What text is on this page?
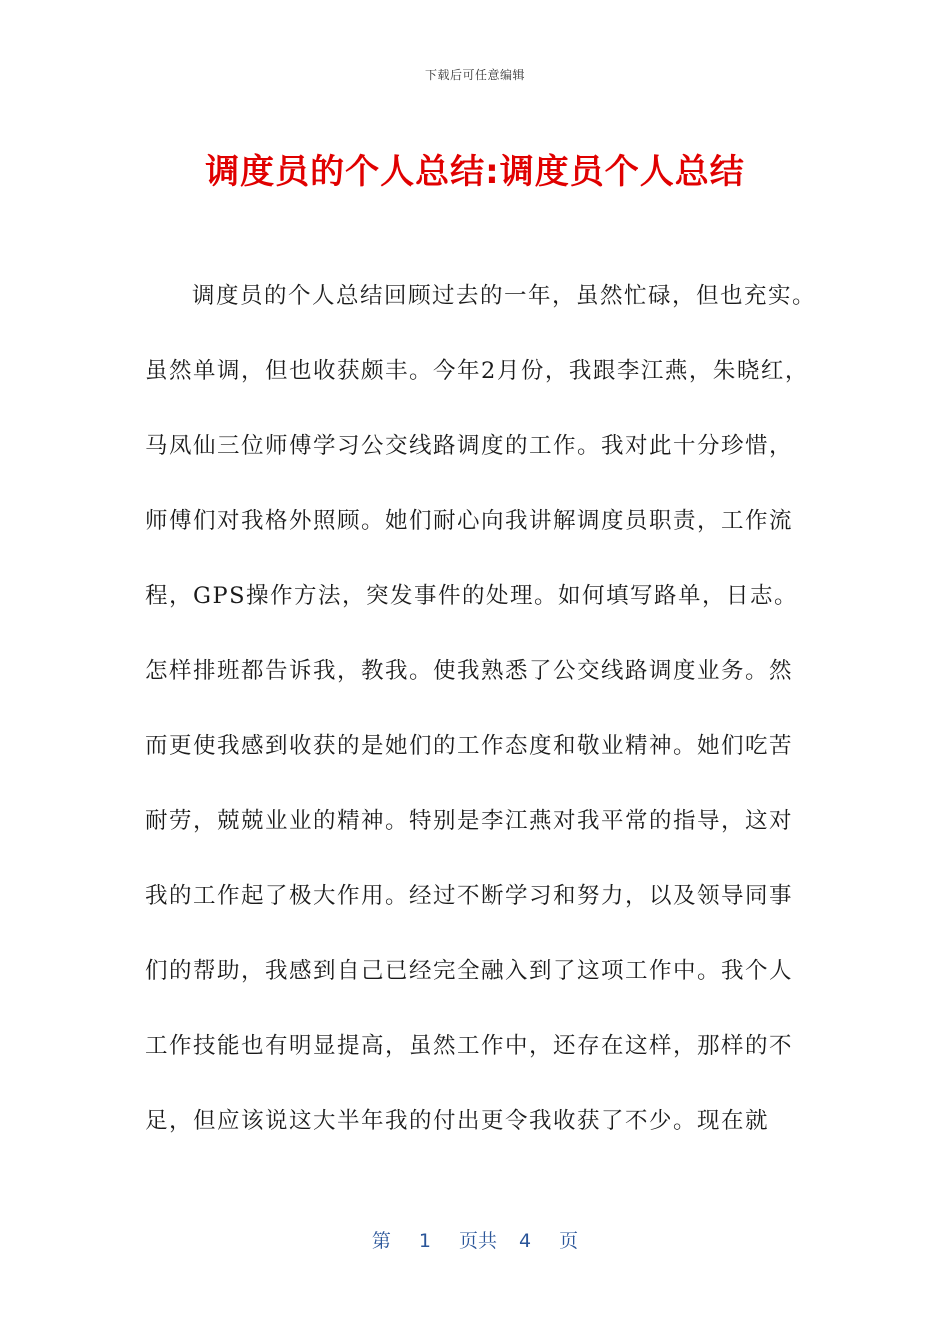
下载后可任意编辑
调度员的个人总结:调度员个人总结
调度员的个人总结回顾过去的一年，虽然忙碌，但也充实。
虽然单调，但也收获颇丰。今年2月份，我跟李江燕，朱晓红，
马凤仙三位师傅学习公交线路调度的工作。我对此十分珍惜，
师傅们对我格外照顾。她们耐心向我讲解调度员职责，工作流
程，GPS操作方法，突发事件的处理。如何填写路单，日志。
怎样排班都告诉我，教我。使我熟悉了公交线路调度业务。然
而更使我感到收获的是她们的工作态度和敬业精神。她们吃苦
耐劳，兢兢业业的精神。特别是李江燕对我平常的指导，这对
我的工作起了极大作用。经过不断学习和努力，以及领导同事
们的帮助，我感到自己已经完全融入到了这项工作中。我个人
工作技能也有明显提高，虽然工作中，还存在这样，那样的不
足，但应该说这大半年我的付出更令我收获了不少。现在就
第 1 页共 4 页
